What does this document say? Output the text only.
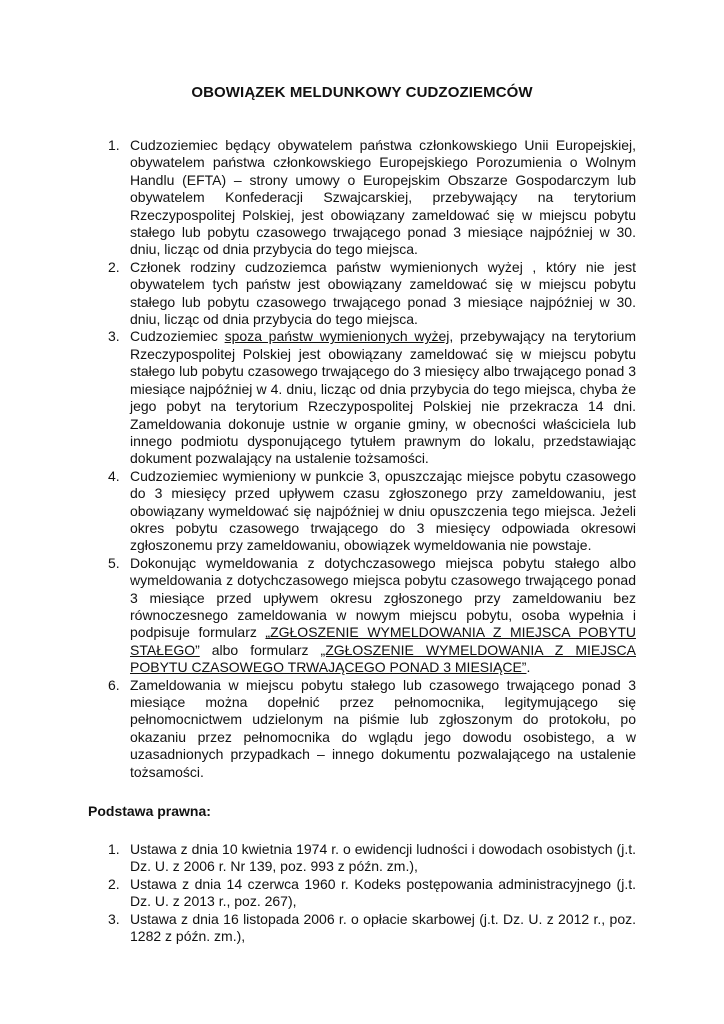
OBOWIĄZEK MELDUNKOWY CUDZOZIEMCÓW
1. Cudzoziemiec będący obywatelem państwa członkowskiego Unii Europejskiej, obywatelem państwa członkowskiego Europejskiego Porozumienia o Wolnym Handlu (EFTA) – strony umowy o Europejskim Obszarze Gospodarczym lub obywatelem Konfederacji Szwajcarskiej, przebywający na terytorium Rzeczypospolitej Polskiej, jest obowiązany zameldować się w miejscu pobytu stałego lub pobytu czasowego trwającego ponad 3 miesiące najpóźniej w 30. dniu, licząc od dnia przybycia do tego miejsca.
2. Członek rodziny cudzoziemca państw wymienionych wyżej , który nie jest obywatelem tych państw jest obowiązany zameldować się w miejscu pobytu stałego lub pobytu czasowego trwającego ponad 3 miesiące najpóźniej w 30. dniu, licząc od dnia przybycia do tego miejsca.
3. Cudzoziemiec spoza państw wymienionych wyżej, przebywający na terytorium Rzeczypospolitej Polskiej jest obowiązany zameldować się w miejscu pobytu stałego lub pobytu czasowego trwającego do 3 miesięcy albo trwającego ponad 3 miesiące najpóźniej w 4. dniu, licząc od dnia przybycia do tego miejsca, chyba że jego pobyt na terytorium Rzeczypospolitej Polskiej nie przekracza 14 dni. Zameldowania dokonuje ustnie w organie gminy, w obecności właściciela lub innego podmiotu dysponującego tytułem prawnym do lokalu, przedstawiając dokument pozwalający na ustalenie tożsamości.
4. Cudzoziemiec wymieniony w punkcie 3, opuszczając miejsce pobytu czasowego do 3 miesięcy przed upływem czasu zgłoszonego przy zameldowaniu, jest obowiązany wymeldować się najpóźniej w dniu opuszczenia tego miejsca. Jeżeli okres pobytu czasowego trwającego do 3 miesięcy odpowiada okresowi zgłoszonemu przy zameldowaniu, obowiązek wymeldowania nie powstaje.
5. Dokonując wymeldowania z dotychczasowego miejsca pobytu stałego albo wymeldowania z dotychczasowego miejsca pobytu czasowego trwającego ponad 3 miesiące przed upływem okresu zgłoszonego przy zameldowaniu bez równoczesnego zameldowania w nowym miejscu pobytu, osoba wypełnia i podpisuje formularz „ZGŁOSZENIE WYMELDOWANIA Z MIEJSCA POBYTU STAŁEGO” albo formularz „ZGŁOSZENIE WYMELDOWANIA Z MIEJSCA POBYTU CZASOWEGO TRWAJĄCEGO PONAD 3 MIESIĄCE”.
6. Zameldowania w miejscu pobytu stałego lub czasowego trwającego ponad 3 miesiące można dopełnić przez pełnomocnika, legitymującego się pełnomocnictwem udzielonym na piśmie lub zgłoszonym do protokołu, po okazaniu przez pełnomocnika do wglądu jego dowodu osobistego, a w uzasadnionych przypadkach – innego dokumentu pozwalającego na ustalenie tożsamości.
Podstawa prawna:
1. Ustawa z dnia 10 kwietnia 1974 r. o ewidencji ludności i dowodach osobistych (j.t. Dz. U. z 2006 r. Nr 139, poz. 993 z późn. zm.),
2. Ustawa z dnia 14 czerwca 1960 r. Kodeks postępowania administracyjnego (j.t. Dz. U. z 2013 r., poz. 267),
3. Ustawa z dnia 16 listopada 2006 r. o opłacie skarbowej (j.t. Dz. U. z 2012 r., poz. 1282 z późn. zm.),
